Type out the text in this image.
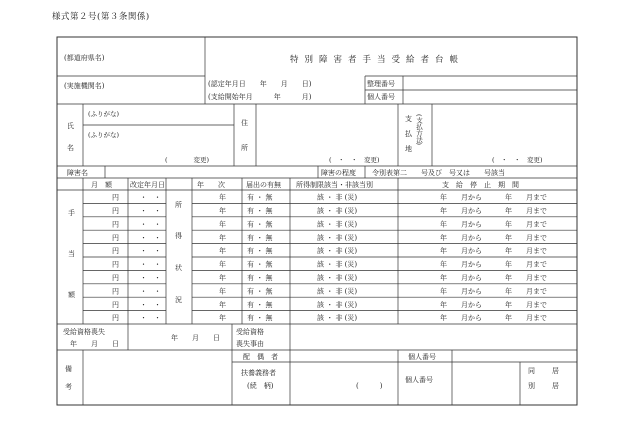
様式第２号(第３条関係)
(都道府県名)
(実施機関名)
特別障害者手当受給者台帳
(認定年月日　　年　　月　　日)
(支給開始年月　　　年　　　月)
整理番号
個人番号
氏
名
(ふりがな)
(ふりがな)
(　　　　変更)
住
所
(　・　・　変更)
支
払
地
(支払方法)
(　・　・　変更)
障害名	障害の程度 令別表第二　　号及び　号又は　　号該当
月　額	改定年月日	年　　次	届出の有無 所得制限該当・非該当別	支　給　停　止　期　間
手
当
額
所
得
状
況
円	・　・	年	有 ・ 無	該 ・ 非 (災)	年　　月から	年　　月まで
円	・　・	年	有 ・ 無	該 ・ 非 (災)	年　　月から	年　　月まで
円	・　・	年	有 ・ 無	該 ・ 非 (災)	年　　月から	年　　月まで
円	・　・	年	有 ・ 無	該 ・ 非 (災)	年　　月から	年　　月まで
円	・　・	年	有 ・ 無	該 ・ 非 (災)	年　　月から	年　　月まで
円	・　・	年	有 ・ 無	該 ・ 非 (災)	年　　月から	年　　月まで
円	・　・	年	有 ・ 無	該 ・ 非 (災)	年　　月から	年　　月まで
円	・　・	年	有 ・ 無	該 ・ 非 (災)	年　　月から	年　　月まで
円	・　・	年	有 ・ 無	該 ・ 非 (災)	年　　月から	年　　月まで
円	・　・	年	有 ・ 無	該 ・ 非 (災)	年　　月から	年　　月まで
受給資格喪失
年　　月　　日
年　　月　　日
受給資格
喪失事由
備
考
配　偶　者	個人番号
扶養義務者
(続　柄)	(　　　)
個人番号
同 居
別 居
